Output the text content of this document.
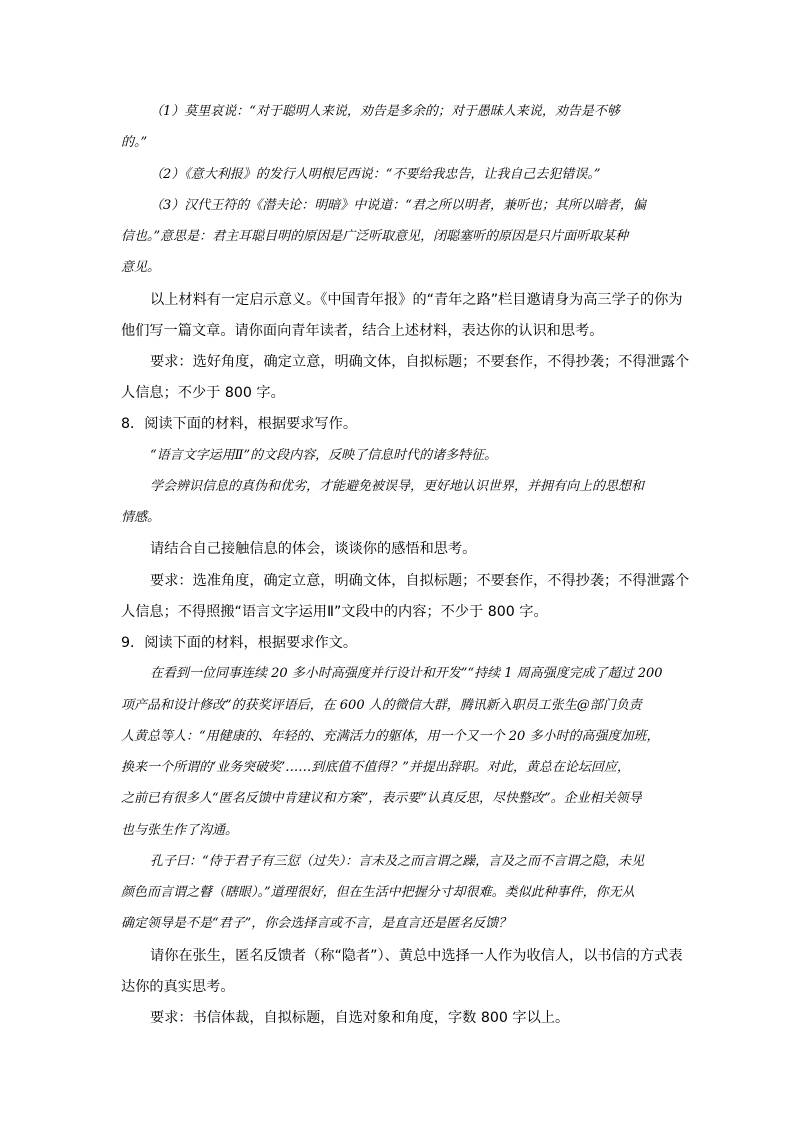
（1）莫里哀说：“对于聪明人来说，劝告是多余的；对于愚昧人来说，劝告是不够

的。”

（2）《意大利报》的发行人明根尼西说：“不要给我忠告，让我自己去犯错误。”

（3）汉代王符的《潜夫论：明暗》中说道：“君之所以明者，兼听也；其所以暗者，偏

信也。”意思是：君主耳聪目明的原因是广泛听取意见，闭聪塞听的原因是只片面听取某种

意见。

以上材料有一定启示意义。《中国青年报》的“青年之路”栏目邀请身为高三学子的你为

他们写一篇文章。请你面向青年读者，结合上述材料，表达你的认识和思考。

要求：选好角度，确定立意，明确文体，自拟标题；不要套作，不得抄袭；不得泄露个

人信息；不少于 800 字。

8．阅读下面的材料，根据要求写作。

“语言文字运用Ⅱ”的文段内容，反映了信息时代的诸多特征。

学会辨识信息的真伪和优劣，才能避免被误导，更好地认识世界，并拥有向上的思想和

情感。

请结合自己接触信息的体会，谈谈你的感悟和思考。

要求：选准角度，确定立意，明确文体，自拟标题；不要套作，不得抄袭；不得泄露个

人信息；不得照搬“语言文字运用Ⅱ”文段中的内容；不少于 800 字。

9．阅读下面的材料，根据要求作文。

在看到一位同事连续 20 多小时高强度并行设计和开发”“持续 1 周高强度完成了超过 200

项产品和设计修改”的获奖评语后，在 600 人的微信大群，腾讯新入职员工张生@部门负责

人黄总等人：“用健康的、年轻的、充满活力的躯体，用一个又一个 20 多小时的高强度加班，

换来一个所谓的‘业务突破奖’……到底值不值得？”并提出辞职。对此，黄总在论坛回应，

之前已有很多人“匿名反馈中肯建议和方案”，表示要“认真反思，尽快整改”。企业相关领导

也与张生作了沟通。

孔子曰：“侍于君子有三愆（过失）：言未及之而言谓之躁，言及之而不言谓之隐，未见

颜色而言谓之瞽（瞎眼）。”道理很好，但在生活中把握分寸却很难。类似此种事件，你无从

确定领导是不是“君子”，你会选择言或不言，是直言还是匿名反馈？

请你在张生，匿名反馈者（称“隐者”）、黄总中选择一人作为收信人，以书信的方式表

达你的真实思考。

要求：书信体裁，自拟标题，自选对象和角度，字数 800 字以上。
